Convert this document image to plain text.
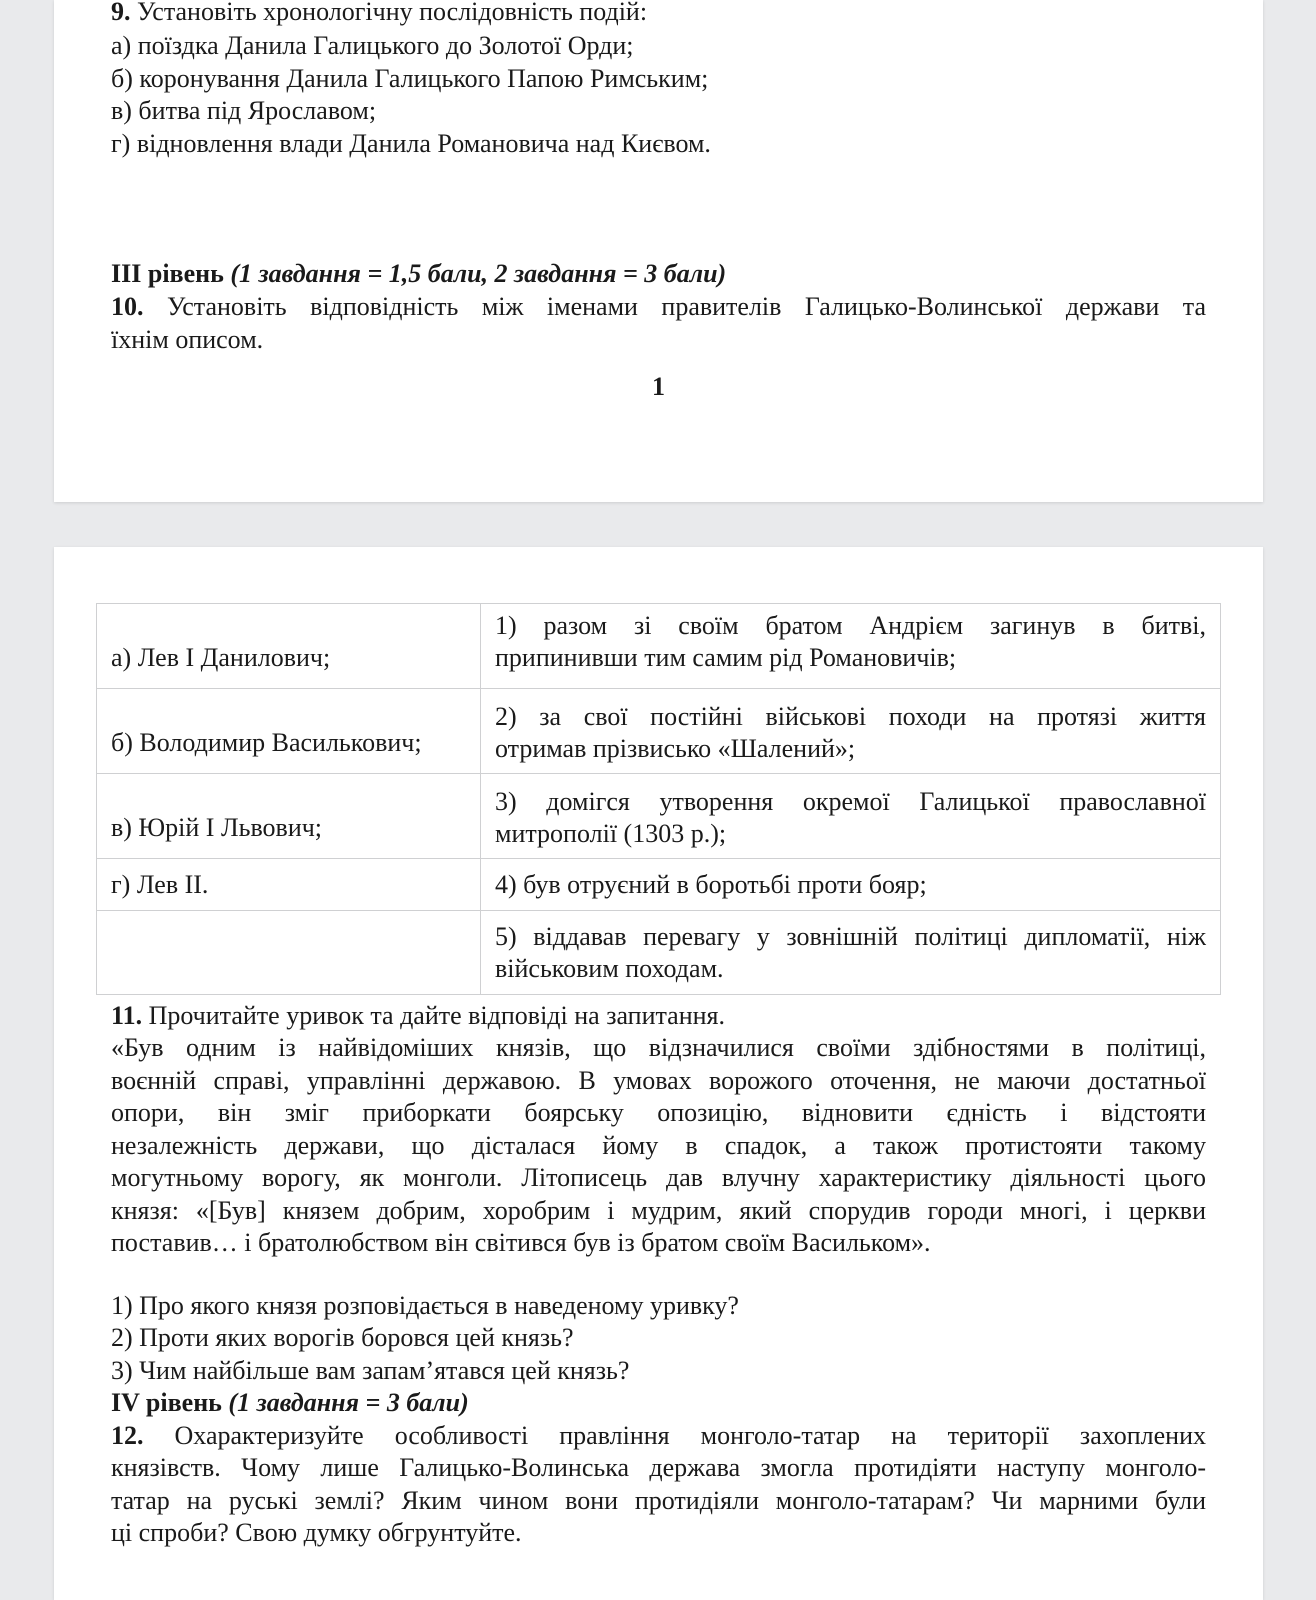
9. Установіть хронологічну послідовність подій:
а) поїздка Данила Галицького до Золотої Орди;
б) коронування Данила Галицького Папою Римським;
в) битва під Ярославом;
г) відновлення влади Данила Романовича над Києвом.
ІІІ рівень (1 завдання = 1,5 бали, 2 завдання = 3 бали)
10. Установіть відповідність між іменами правителів Галицько-Волинської держави та
їхнім описом.
1
а) Лев І Данилович;	1) разом зі своїм братом Андрієм загинув в битві,
припинивши тим самим рід Романовичів;

б) Володимир Василькович;	2) за свої постійні військові походи на протязі життя
отримав прізвисько «Шалений»;

в) Юрій І Львович;	3) домігся утворення окремої Галицької православної
митрополії (1303 р.);

г) Лев ІІ.	4) був отруєний в боротьбі проти бояр;

	5) віддавав перевагу у зовнішній політиці дипломатії, ніж
військовим походам.
11. Прочитайте уривок та дайте відповіді на запитання.
«Був одним із найвідоміших князів, що відзначилися своїми здібностями в політиці,
воєнній справі, управлінні державою. В умовах ворожого оточення, не маючи достатньої
опори, він зміг приборкати боярську опозицію, відновити єдність і відстояти
незалежність держави, що дісталася йому в спадок, а також протистояти такому
могутньому ворогу, як монголи. Літописець дав влучну характеристику діяльності цього
князя: «[Був] князем добрим, хоробрим і мудрим, який спорудив городи многі, і церкви
поставив… і братолюбством він світився був із братом своїм Васильком».
1) Про якого князя розповідається в наведеному уривку?
2) Проти яких ворогів боровся цей князь?
3) Чим найбільше вам запам’ятався цей князь?
IV рівень (1 завдання = 3 бали)
12. Охарактеризуйте особливості правління монголо-татар на території захоплених
князівств. Чому лише Галицько-Волинська держава змогла протидіяти наступу монголо-
татар на руські землі? Яким чином вони протидіяли монголо-татарам? Чи марними були
ці спроби? Свою думку обгрунтуйте.
